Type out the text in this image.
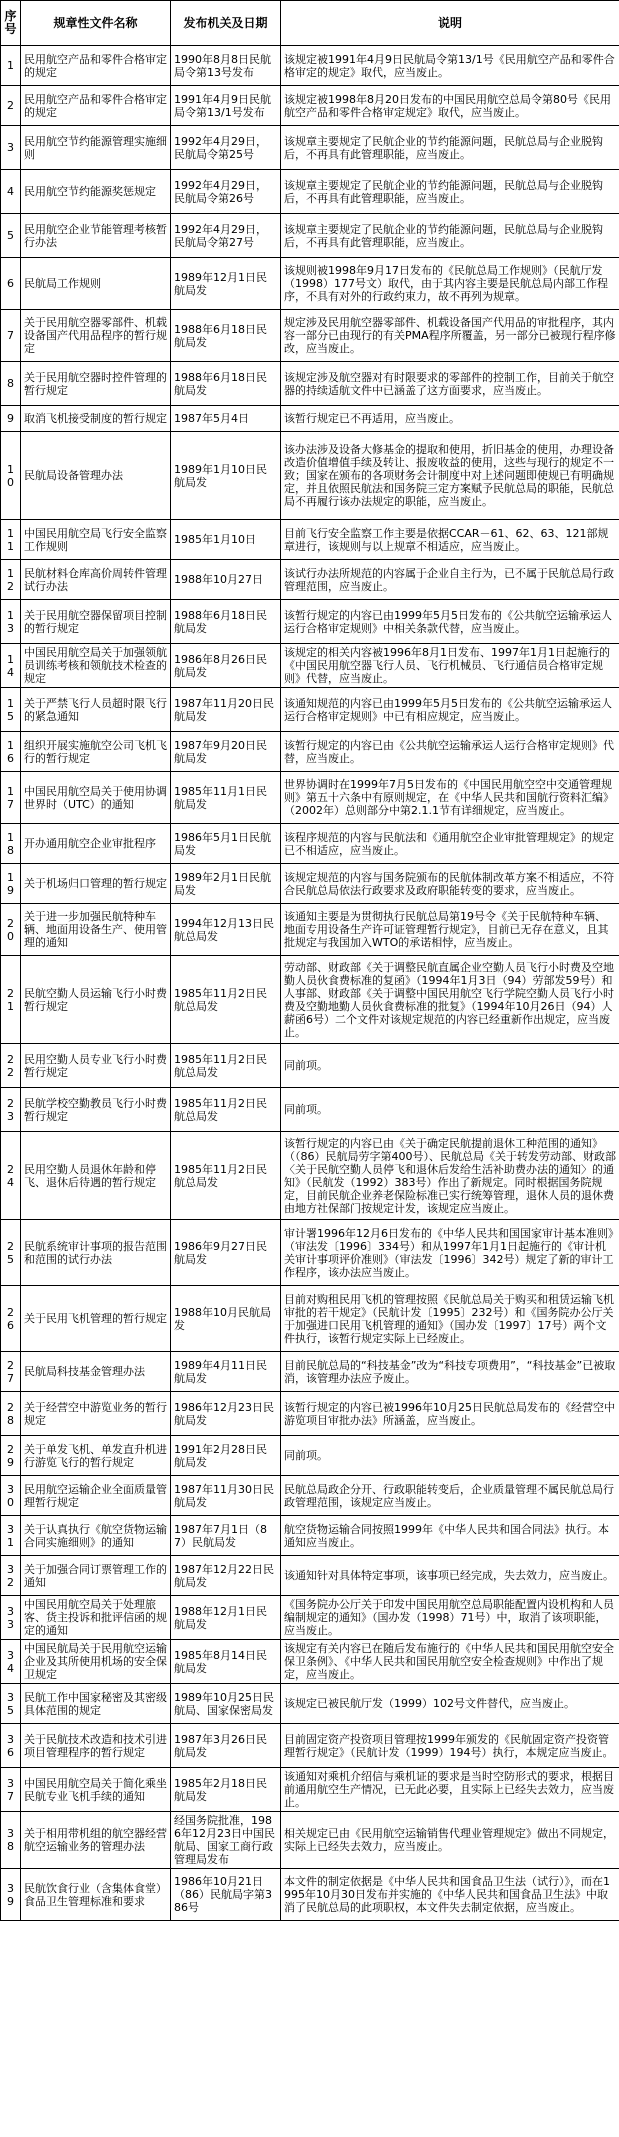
序号	规章性文件名称	发布机关及日期	说明
1	民用航空产品和零件合格审定的规定	1990年8月8日民航局令第13号发布	该规定被1991年4月9日民航局令第13/1号《民用航空产品和零件合格审定的规定》取代，应当废止。
2	民用航空产品和零件合格审定的规定	1991年4月9日民航局令第13/1号发布	该规定被1998年8月20日发布的中国民用航空总局令第80号《民用航空产品和零件合格审定规定》取代，应当废止。
3	民用航空节约能源管理实施细则	1992年4月29日，民航局令第25号	该规章主要规定了民航企业的节约能源问题，民航总局与企业脱钩后，不再具有此管理职能，应当废止。
4	民用航空节约能源奖惩规定	1992年4月29日，民航局令第26号	该规章主要规定了民航企业的节约能源问题，民航总局与企业脱钩后，不再具有此管理职能，应当废止。
5	民用航空企业节能管理考核暂行办法	1992年4月29日，民航局令第27号	该规章主要规定了民航企业的节约能源问题，民航总局与企业脱钩后，不再具有此管理职能，应当废止。
6	民航局工作规则	1989年12月1日民航局发	该规则被1998年9月17日发布的《民航总局工作规则》（民航厅发（1998）177号文）取代，由于其内容主要是民航总局内部工作程序，不具有对外的行政约束力，故不再列为规章。
7	关于民用航空器零部件、机载设备国产代用品程序的暂行规定	1988年6月18日民航局发	规定涉及民用航空器零部件、机载设备国产代用品的审批程序，其内容一部分已由现行的有关PMA程序所覆盖，另一部分已被现行程序修改，应当废止。
8	关于民用航空器时控件管理的暂行规定	1988年6月18日民航局发	该规定涉及航空器对有时限要求的零部件的控制工作，目前关于航空器的持续适航文件中已涵盖了这方面要求，应当废止。
9	取消飞机接受制度的暂行规定	1987年5月4日	该暂行规定已不再适用，应当废止。
10	民航局设备管理办法	1989年1月10日民航局发	该办法涉及设备大修基金的提取和使用，折旧基金的使用，办理设备改造价值增值手续及转让、报废收益的使用，这些与现行的规定不一致；国家在颁布的各项财务会计制度中对上述问题即使规已有明确规定，并且依照民航法和国务院三定方案赋予民航总局的职能，民航总局不再履行该办法规定的职能，应当废止。
11	中国民用航空局飞行安全监察工作规则	1985年1月10日	目前飞行安全监察工作主要是依据CCAR－61、62、63、121部规章进行，该规则与以上规章不相适应，应当废止。
12	民航材料仓库高价周转件管理试行办法	1988年10月27日	该试行办法所规范的内容属于企业自主行为，已不属于民航总局行政管理范围，应当废止。
13	关于民用航空器保留项目控制的暂行规定	1988年6月18日民航局发	该暂行规定的内容已由1999年5月5日发布的《公共航空运输承运人运行合格审定规则》中相关条款代替，应当废止。
14	中国民用航空局关于加强领航员训练考核和领航技术检查的规定	1986年8月26日民航局发	该规定的相关内容被1996年8月1日发布、1997年1月1日起施行的《中国民用航空器飞行人员、飞行机械员、飞行通信员合格审定规则》代替，应当废止。
15	关于严禁飞行人员超时限飞行的紧急通知	1987年11月20日民航局发	该通知规范的内容已由1999年5月5日发布的《公共航空运输承运人运行合格审定规则》中已有相应规定，应当废止。
16	组织开展实施航空公司飞机飞行的暂行规定	1987年9月20日民航局发	该暂行规定的内容已由《公共航空运输承运人运行合格审定规则》代替，应当废止。
17	中国民用航空局关于使用协调世界时（UTC）的通知	1985年11月1日民航局发	世界协调时在1999年7月5日发布的《中国民用航空空中交通管理规则》第五十六条中有原则规定，在《中华人民共和国航行资料汇编》（2002年）总则部分中第2.1.1节有详细规定，应当废止。
18	开办通用航空企业审批程序	1986年5月1日民航局发	该程序规范的内容与民航法和《通用航空企业审批管理规定》的规定已不相适应，应当废止。
19	关于机场归口管理的暂行规定	1989年2月1日民航局发	该规定规范的内容与国务院颁布的民航体制改革方案不相适应，不符合民航总局依法行政要求及政府职能转变的要求，应当废止。
20	关于进一步加强民航特种车辆、地面用设备生产、使用管理的通知	1994年12月13日民航总局发	该通知主要是为贯彻执行民航总局第19号令《关于民航特种车辆、地面专用设备生产许可证管理暂行规定》，目前已无存在意义，且其批规定与我国加入WTO的承诺相悖，应当废止。
21	民航空勤人员运输飞行小时费暂行规定	1985年11月2日民航总局发	劳动部、财政部《关于调整民航直属企业空勤人员飞行小时费及空地勤人员伙食费标准的复函》（1994年1月3日（94）劳部发59号）和人事部、财政部《关于调整中国民用航空飞行学院空勤人员飞行小时费及空勤地勤人员伙食费标准的批复》（1994年10月26日（94）人薪函6号）二个文件对该规定规范的内容已经重新作出规定，应当废止。
22	民用空勤人员专业飞行小时费暂行规定	1985年11月2日民航总局发	同前项。
23	民航学校空勤教员飞行小时费暂行规定	1985年11月2日民航总局发	同前项。
24	民用空勤人员退休年龄和停飞、退休后待遇的暂行规定	1985年11月2日民航总局发	该暂行规定的内容已由《关于确定民航提前退休工种范围的通知》（（86）民航局劳字第400号）、民航总局《关于转发劳动部、财政部〈关于民航空勤人员停飞和退休后发给生活补助费办法的通知〉的通知》（民航发（1992）383号）作出了新规定。同时根据国务院规定，目前民航企业养老保险标准已实行统筹管理，退休人员的退休费由地方社保部门按规定计发，该规定应当废止。
25	民航系统审计事项的报告范围和范围的试行办法	1986年9月27日民航局发	审计署1996年12月6日发布的《中华人民共和国国家审计基本准则》（审法发〔1996〕334号）和从1997年1月1日起施行的《审计机关审计事项评价准则》（审法发〔1996〕342号）规定了新的审计工作程序，该办法应当废止。
26	关于民用飞机管理的暂行规定	1988年10月民航局发	目前对购租民用飞机的管理按照《民航总局关于购买和租赁运输飞机审批的若干规定》（民航计发〔1995〕232号）和《国务院办公厅关于加强进口民用飞机管理的通知》（国办发〔1997〕17号）两个文件执行，该暂行规定实际上已经废止。
27	民航局科技基金管理办法	1989年4月11日民航局发	目前民航总局的“科技基金”改为“科技专项费用”，“科技基金”已被取消，该管理办法应予废止。
28	关于经营空中游览业务的暂行规定	1986年12月23日民航局发	该暂行规定的内容已被1996年10月25日民航总局发布的《经营空中游览项目审批办法》所涵盖，应当废止。
29	关于单发飞机、单发直升机进行游览飞行的暂行规定	1991年2月28日民航局发	同前项。
30	民用航空运输企业全面质量管理暂行规定	1987年11月30日民航局发	民航总局政企分开、行政职能转变后，企业质量管理不属民航总局行政管理范围，该规定应当废止。
31	关于认真执行《航空货物运输合同实施细则》的通知	1987年7月1日（87）民航局发	航空货物运输合同按照1999年《中华人民共和国合同法》执行。本通知应当废止。
32	关于加强合同订票管理工作的通知	1987年12月22日民航局发	该通知针对具体特定事项，该事项已经完成，失去效力，应当废止。
33	中国民用航空局关于处理旅客、货主投诉和批评信函的规定的通知	1988年12月1日民航局发	《国务院办公厅关于印发中国民用航空总局职能配置内设机构和人员编制规定的通知》（国办发（1998）71号）中，取消了该项职能，应当废止。
34	中国民航局关于民用航空运输企业及其所使用机场的安全保卫规定	1985年8月14日民航局发	该规定有关内容已在随后发布施行的《中华人民共和国民用航空安全保卫条例》、《中华人民共和国民用航空安全检查规则》中作出了规定，应当废止。
35	民航工作中国家秘密及其密级具体范围的规定	1989年10月25日民航局、国家保密局发	该规定已被民航厅发（1999）102号文件替代，应当废止。
36	关于民航技术改造和技术引进项目管理程序的暂行规定	1987年3月26日民航局发	目前固定资产投资项目管理按1999年颁发的《民航固定资产投资管理暂行规定》（民航计发（1999）194号）执行，本规定应当废止。
37	中国民用航空局关于简化乘坐民航专业飞机手续的通知	1985年2月18日民航局发	该通知对乘机介绍信与乘机证的要求是当时空防形式的要求，根据目前通用航空生产情况，已无此必要，且实际上已经失去效力，应当废止。
38	关于相用带机组的航空器经营航空运输业务的管理办法	经国务院批准，1986年12月23日中国民航局、国家工商行政管理局发布	相关规定已由《民用航空运输销售代理业管理规定》做出不同规定，实际上已经失去效力，应当废止。
39	民航饮食行业（含集体食堂）食品卫生管理标准和要求	1986年10月21日（86）民航局字第386号	本文件的制定依据是《中华人民共和国食品卫生法（试行）》，而在1995年10月30日发布并实施的《中华人民共和国食品卫生法》中取消了民航总局的此项职权，本文件失去制定依据，应当废止。
